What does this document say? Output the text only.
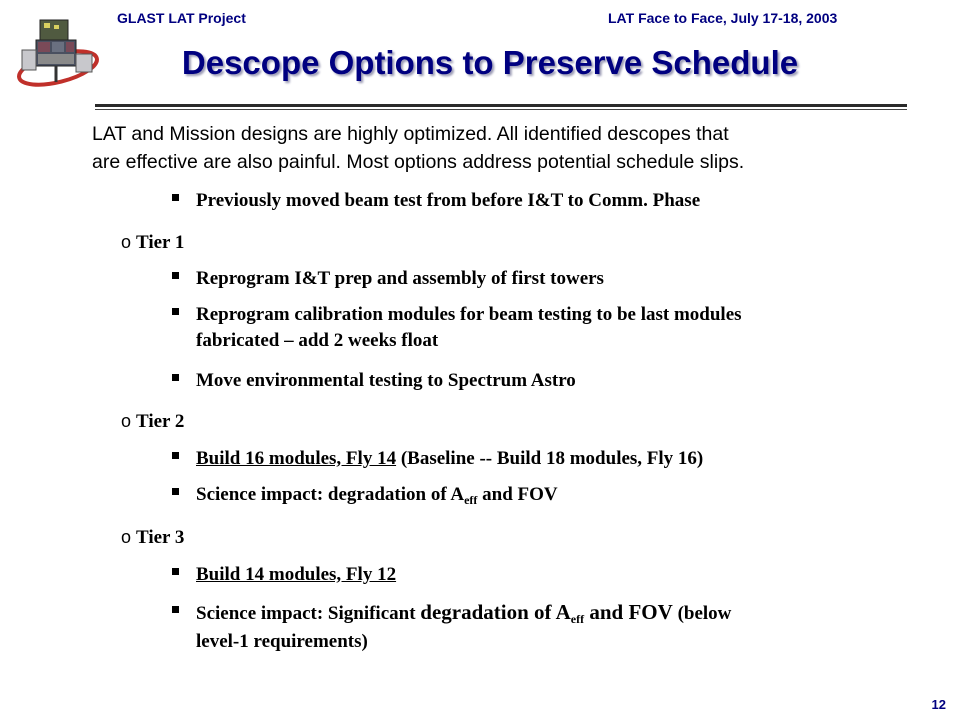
GLAST LAT Project	LAT Face to Face, July 17-18, 2003
Descope Options to Preserve Schedule

LAT and Mission designs are highly optimized. All identified descopes that

are effective are also painful. Most options address potential schedule slips.

Previously moved beam test from before I&T to Comm. Phase
o Tier 1
Reprogram I&T prep and assembly of first towers
Reprogram calibration modules for beam testing to be last modules
fabricated – add 2 weeks float
Move environmental testing to Spectrum Astro
o Tier 2
Build 16 modules, Fly 14 (Baseline -- Build 18 modules, Fly 16)
Science impact: degradation of $A_{eff}$ and FOV
o Tier 3
Build 14 modules, Fly 12
Science impact: Significant degradation of $A_{eff}$ and FOV (below
level-1 requirements)
12
